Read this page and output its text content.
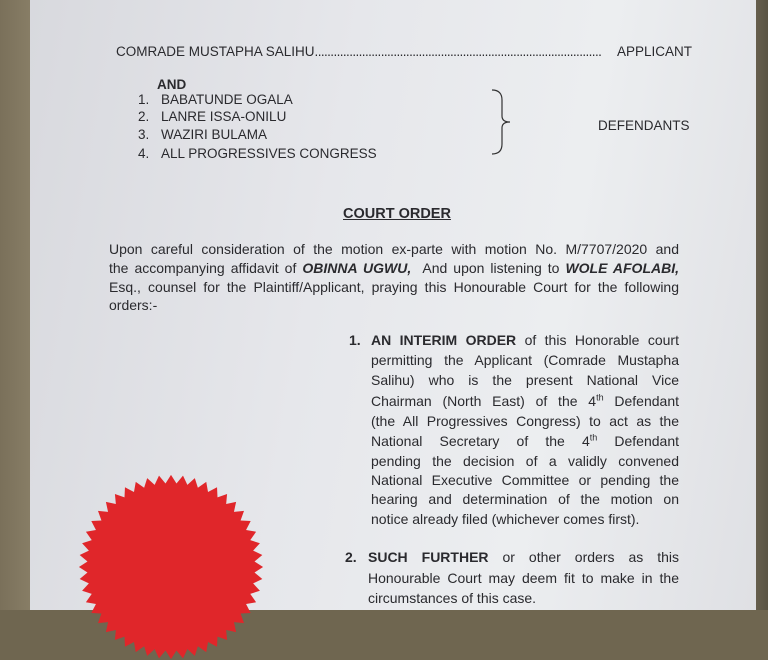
COMRADE MUSTAPHA SALIHU........................................................................................... APPLICANT
AND
1. BABATUNDE OGALA
2. LANRE ISSA-ONILU
3. WAZIRI BULAMA
4. ALL PROGRESSIVES CONGRESS
DEFENDANTS
COURT ORDER
Upon careful consideration of the motion ex-parte with motion No. M/7707/2020 and
the accompanying affidavit of OBINNA UGWU,  And upon listening to WOLE AFOLABI,
Esq., counsel for the Plaintiff/Applicant, praying this Honourable Court for the following
orders:-
1. AN INTERIM ORDER of this Honorable court
permitting the Applicant (Comrade Mustapha
Salihu) who is the present National Vice
Chairman (North East) of the 4th Defendant
(the All Progressives Congress) to act as the
National Secretary of the 4th Defendant
pending the decision of a validly convened
National Executive Committee or pending the
hearing and determination of the motion on
notice already filed (whichever comes first).
2. SUCH FURTHER or other orders as this
Honourable Court may deem fit to make in the
circumstances of this case.
